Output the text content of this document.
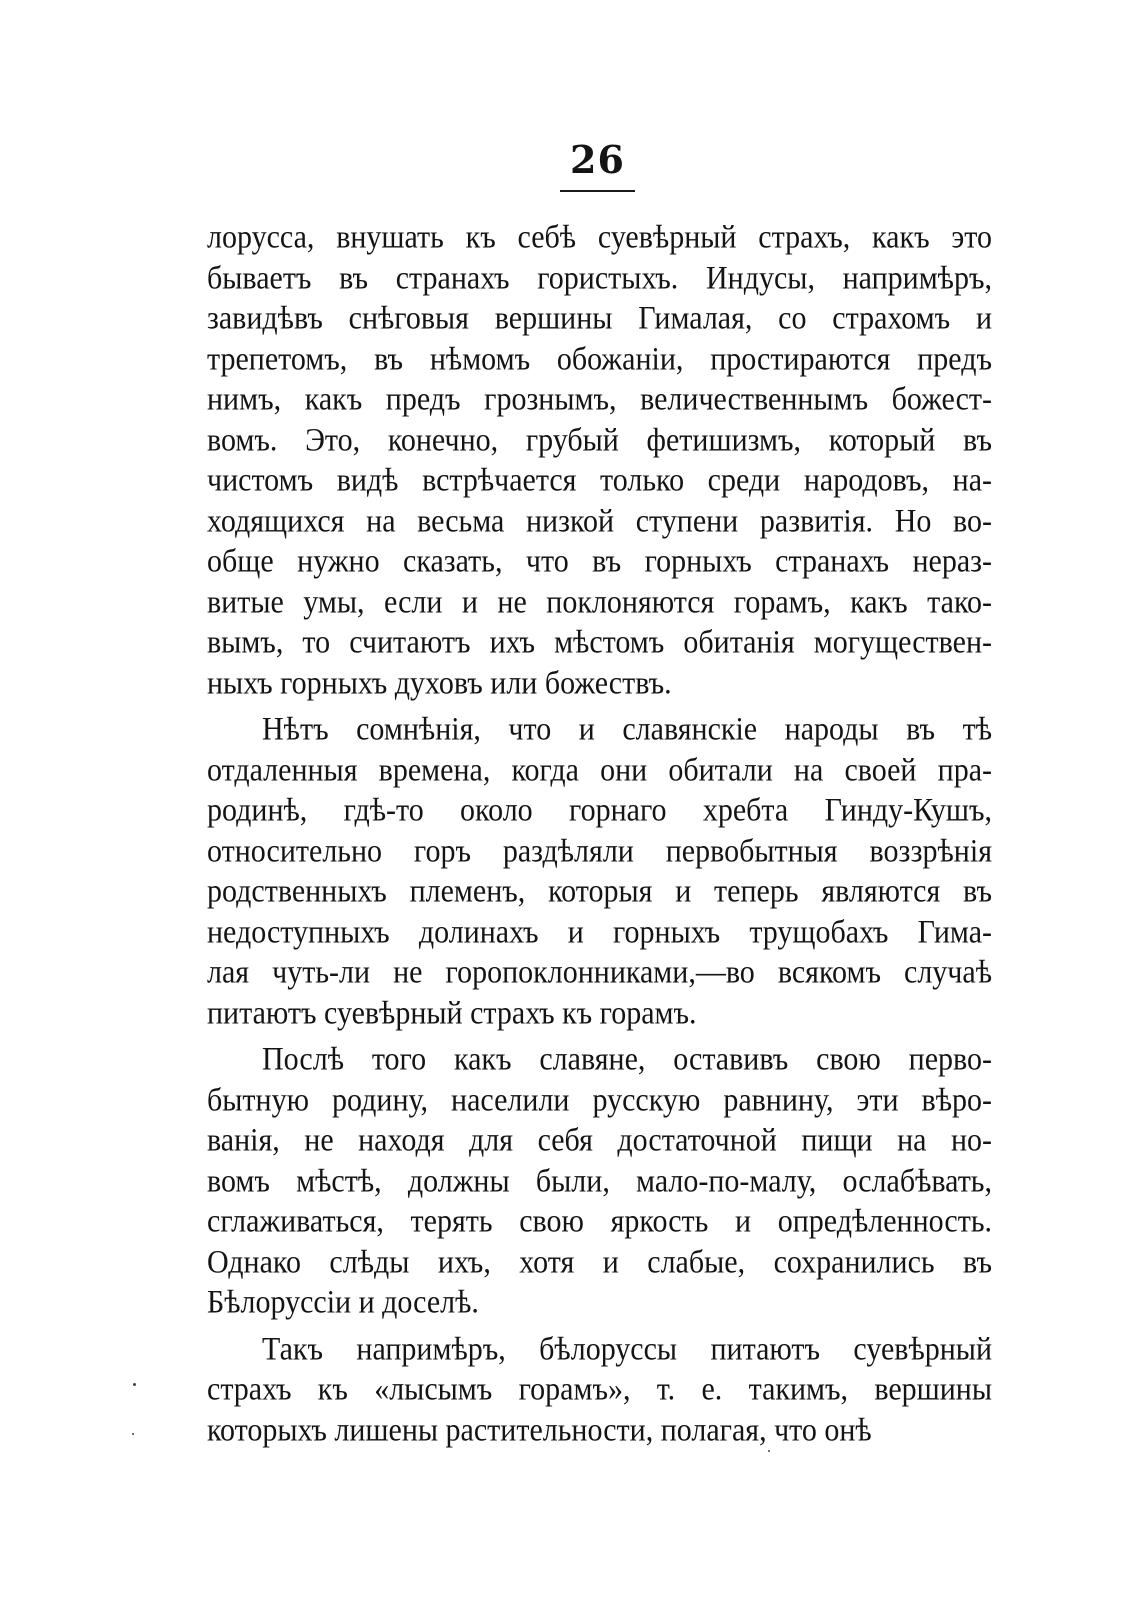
26
лорусса, внушать къ себѣ суевѣрный страхъ, какъ это
бываетъ въ странахъ гористыхъ. Индусы, напримѣръ,
завидѣвъ снѣговыя вершины Гималая, со страхомъ и
трепетомъ, въ нѣмомъ обожанiи, простираются предъ
нимъ, какъ предъ грознымъ, величественнымъ божест-
вомъ. Это, конечно, грубый фетишизмъ, который въ
чистомъ видѣ встрѣчается только среди народовъ, на-
ходящихся на весьма низкой ступени развитiя. Но во-
обще нужно сказать, что въ горныхъ странахъ нераз-
витые умы, если и не поклоняются горамъ, какъ тако-
вымъ, то считаютъ ихъ мѣстомъ обитанiя могуществен-
ныхъ горныхъ духовъ или божествъ.
Нѣтъ сомнѣнiя, что и славянскiе народы въ тѣ
отдаленныя времена, когда они обитали на своей пра-
родинѣ, гдѣ-то около горнаго хребта Гинду-Кушъ,
относительно горъ раздѣляли первобытныя воззрѣнiя
родственныхъ племенъ, которыя и теперь являются въ
недоступныхъ долинахъ и горныхъ трущобахъ Гима-
лая чуть-ли не горопоклонниками,—во всякомъ случаѣ
питаютъ суевѣрный страхъ къ горамъ.
Послѣ того какъ славяне, оставивъ свою перво-
бытную родину, населили русскую равнину, эти вѣро-
ванiя, не находя для себя достаточной пищи на но-
вомъ мѣстѣ, должны были, мало-по-малу, ослабѣвать,
сглаживаться, терять свою яркость и опредѣленность.
Однако слѣды ихъ, хотя и слабые, сохранились въ
Бѣлоруссiи и доселѣ.
Такъ напримѣръ, бѣлоруссы питаютъ суевѣрный
страхъ къ «лысымъ горамъ», т. е. такимъ, вершины
которыхъ лишены растительности, полагая, что онѣ
